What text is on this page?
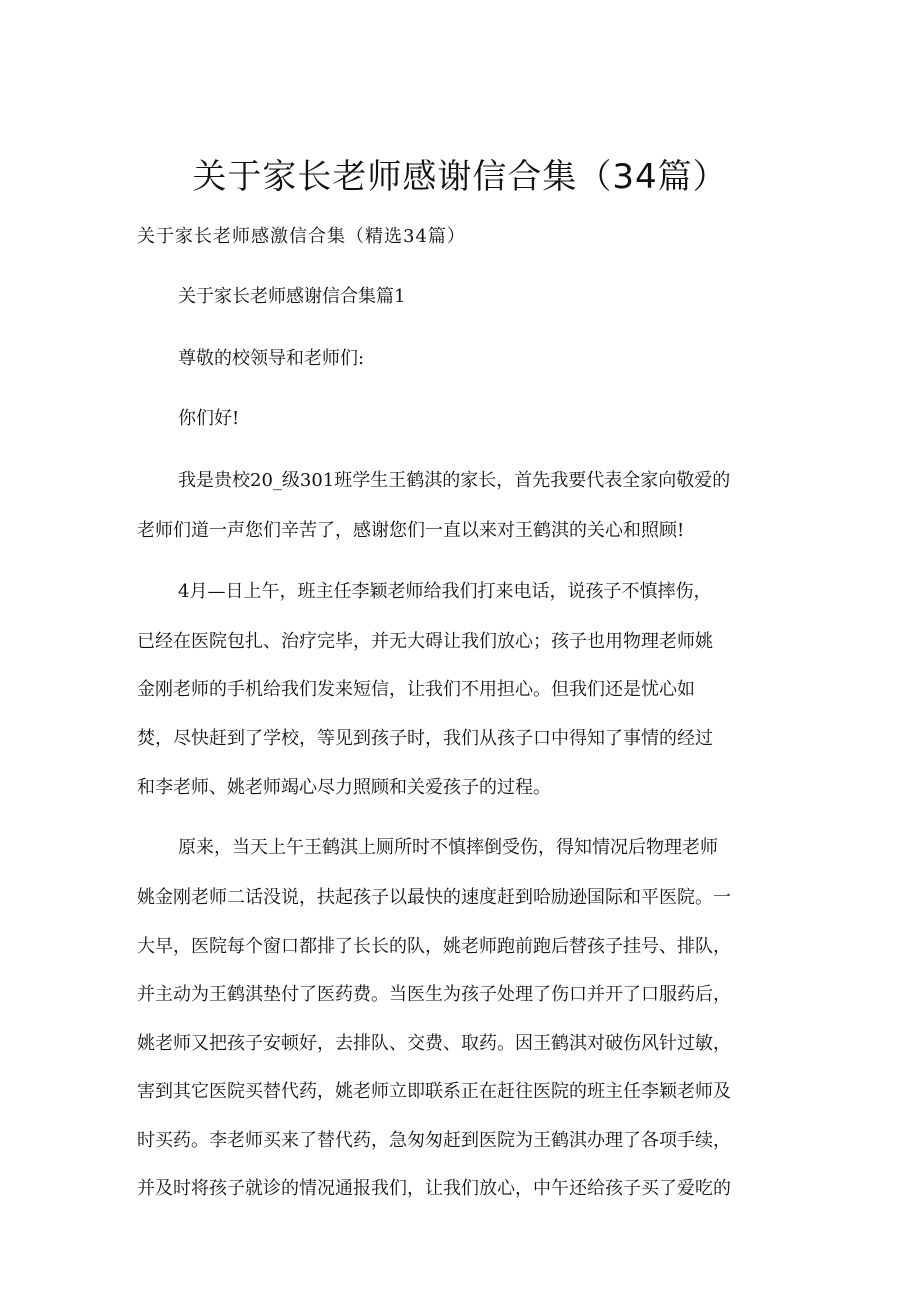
关于家长老师感谢信合集（34篇）

关于家长老师感激信合集（精选34篇）

关于家长老师感谢信合集篇1

尊敬的校领导和老师们:

你们好!

我是贵校20_级301班学生王鹤淇的家长，首先我要代表全家向敬爱的

老师们道一声您们辛苦了，感谢您们一直以来对王鹤淇的关心和照顾!

4月—日上午，班主任李颖老师给我们打来电话，说孩子不慎摔伤，

已经在医院包扎、治疗完毕，并无大碍让我们放心；孩子也用物理老师姚

金刚老师的手机给我们发来短信，让我们不用担心。但我们还是忧心如

焚，尽快赶到了学校，等见到孩子时，我们从孩子口中得知了事情的经过

和李老师、姚老师竭心尽力照顾和关爱孩子的过程。

原来，当天上午王鹤淇上厕所时不慎摔倒受伤，得知情况后物理老师

姚金刚老师二话没说，扶起孩子以最快的速度赶到哈励逊国际和平医院。一

大早，医院每个窗口都排了长长的队，姚老师跑前跑后替孩子挂号、排队，

并主动为王鹤淇垫付了医药费。当医生为孩子处理了伤口并开了口服药后，

姚老师又把孩子安顿好，去排队、交费、取药。因王鹤淇对破伤风针过敏，

害到其它医院买替代药，姚老师立即联系正在赶往医院的班主任李颖老师及

时买药。李老师买来了替代药，急匆匆赶到医院为王鹤淇办理了各项手续，

并及时将孩子就诊的情况通报我们，让我们放心，中午还给孩子买了爱吃的
